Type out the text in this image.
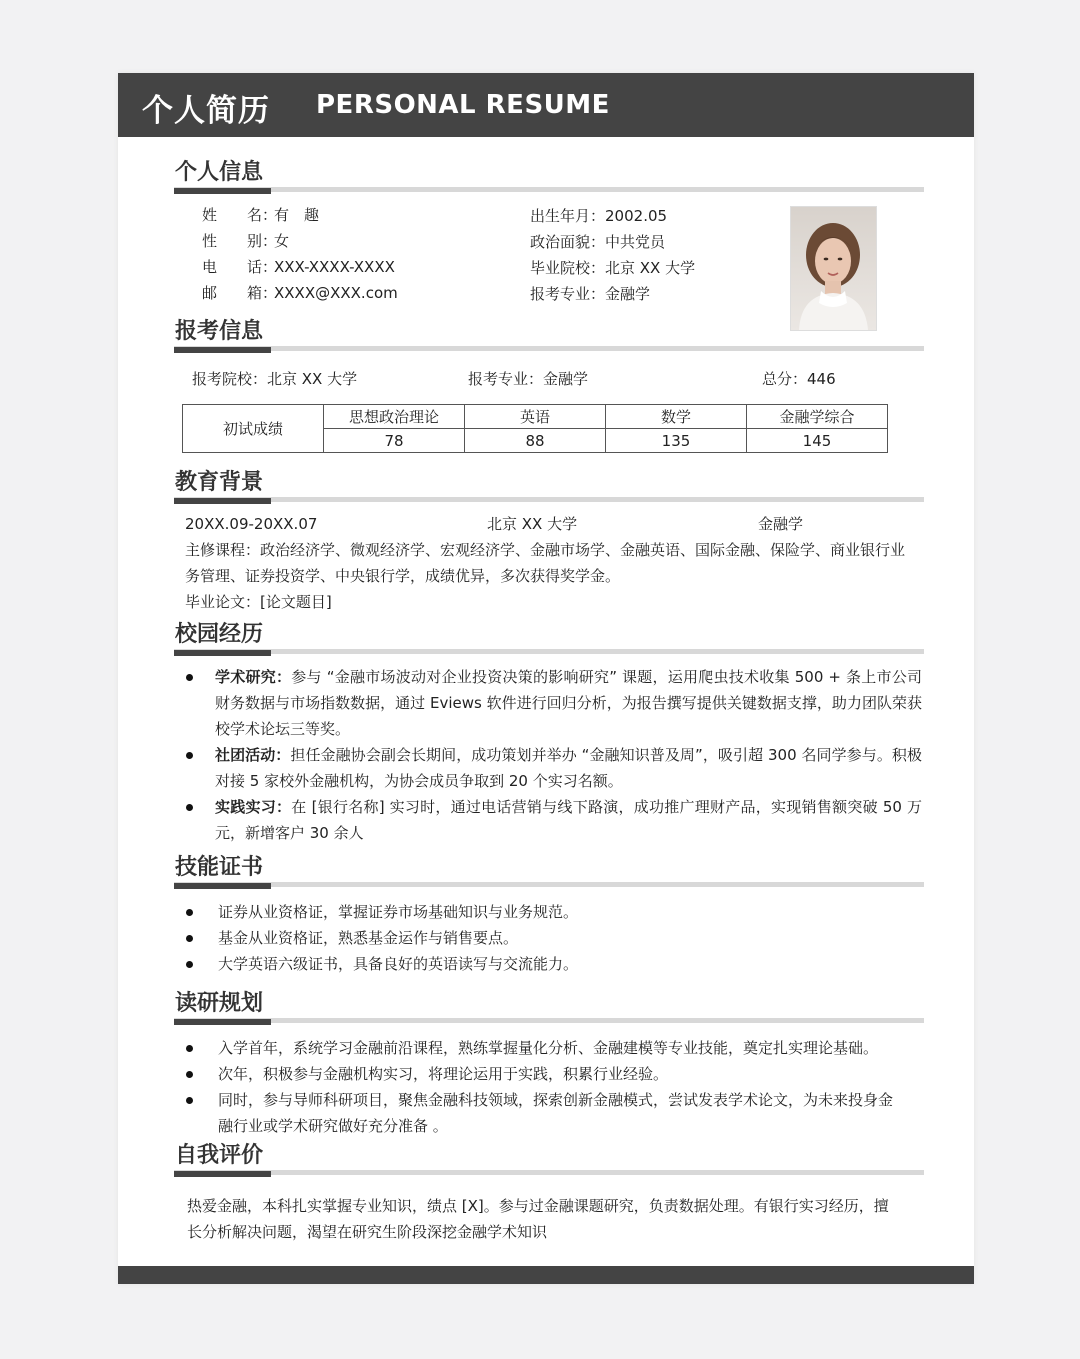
个人简历 PERSONAL RESUME
个人信息
姓　　名：有　趣
性　　别：女
电　　话：XXX-XXXX-XXXX
邮　　箱：XXXX@XXX.com
出生年月：2002.05
政治面貌：中共党员
毕业院校：北京 XX 大学
报考专业：金融学
报考信息
报考院校：北京 XX 大学	报考专业：金融学	总分：446
初试成绩	思想政治理论	英语	数学	金融学综合
	78	88	135	145
教育背景
20XX.09-20XX.07	北京 XX 大学	金融学
主修课程：政治经济学、微观经济学、宏观经济学、金融市场学、金融英语、国际金融、保险学、商业银行业
务管理、证券投资学、中央银行学，成绩优异，多次获得奖学金。
毕业论文：[论文题目]
校园经历
学术研究：参与 “金融市场波动对企业投资决策的影响研究” 课题，运用爬虫技术收集 500 + 条上市公司财务数据与市场指数数据，通过 Eviews 软件进行回归分析，为报告撰写提供关键数据支撑，助力团队荣获校学术论坛三等奖。
社团活动：担任金融协会副会长期间，成功策划并举办 “金融知识普及周”，吸引超 300 名同学参与。积极对接 5 家校外金融机构，为协会成员争取到 20 个实习名额。
实践实习：在 [银行名称] 实习时，通过电话营销与线下路演，成功推广理财产品，实现销售额突破 50 万元，新增客户 30 余人
技能证书
证券从业资格证，掌握证券市场基础知识与业务规范。
基金从业资格证，熟悉基金运作与销售要点。
大学英语六级证书，具备良好的英语读写与交流能力。
读研规划
入学首年，系统学习金融前沿课程，熟练掌握量化分析、金融建模等专业技能，奠定扎实理论基础。
次年，积极参与金融机构实习，将理论运用于实践，积累行业经验。
同时，参与导师科研项目，聚焦金融科技领域，探索创新金融模式，尝试发表学术论文，为未来投身金融行业或学术研究做好充分准备 。
自我评价
热爱金融，本科扎实掌握专业知识，绩点 [X]。参与过金融课题研究，负责数据处理。有银行实习经历，擅
长分析解决问题，渴望在研究生阶段深挖金融学术知识
